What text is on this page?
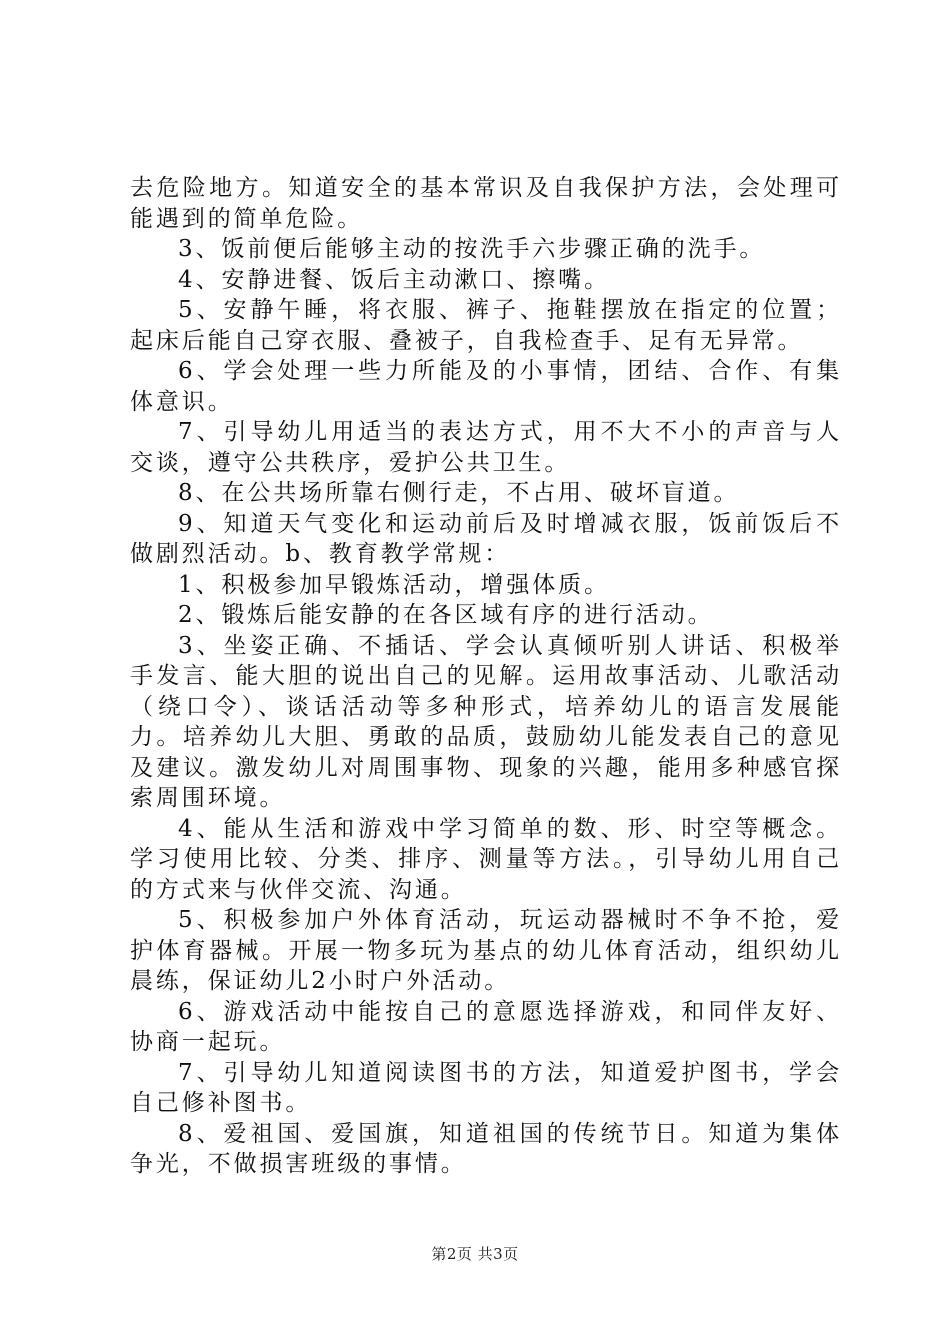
去危险地方。知道安全的基本常识及自我保护方法，会处理可能遇到的简单危险。

3、饭前便后能够主动的按洗手六步骤正确的洗手。

4、安静进餐、饭后主动漱口、擦嘴。

5、安静午睡，将衣服、裤子、拖鞋摆放在指定的位置；起床后能自己穿衣服、叠被子，自我检查手、足有无异常。

6、学会处理一些力所能及的小事情，团结、合作、有集体意识。

7、引导幼儿用适当的表达方式，用不大不小的声音与人交谈，遵守公共秩序，爱护公共卫生。

8、在公共场所靠右侧行走，不占用、破坏盲道。

9、知道天气变化和运动前后及时增减衣服，饭前饭后不做剧烈活动。b、教育教学常规：

1、积极参加早锻炼活动，增强体质。

2、锻炼后能安静的在各区域有序的进行活动。

3、坐姿正确、不插话、学会认真倾听别人讲话、积极举手发言、能大胆的说出自己的见解。运用故事活动、儿歌活动（绕口令）、谈话活动等多种形式，培养幼儿的语言发展能力。培养幼儿大胆、勇敢的品质，鼓励幼儿能发表自己的意见及建议。激发幼儿对周围事物、现象的兴趣，能用多种感官探索周围环境。

4、能从生活和游戏中学习简单的数、形、时空等概念。学习使用比较、分类、排序、测量等方法。，引导幼儿用自己的方式来与伙伴交流、沟通。

5、积极参加户外体育活动，玩运动器械时不争不抢，爱护体育器械。开展一物多玩为基点的幼儿体育活动，组织幼儿晨练，保证幼儿2小时户外活动。

6、游戏活动中能按自己的意愿选择游戏，和同伴友好、协商一起玩。

7、引导幼儿知道阅读图书的方法，知道爱护图书，学会自己修补图书。

8、爱祖国、爱国旗，知道祖国的传统节日。知道为集体争光，不做损害班级的事情。

第2页 共3页
